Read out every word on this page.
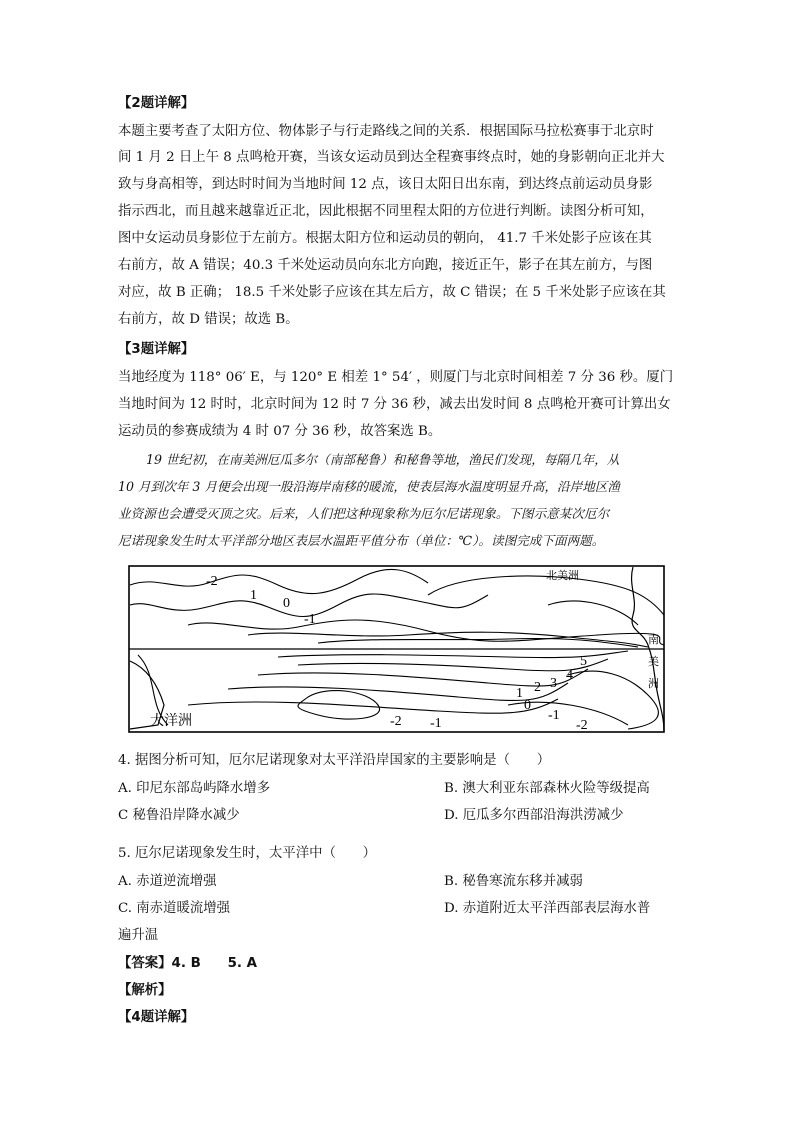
【2题详解】
本题主要考查了太阳方位、物体影子与行走路线之间的关系．根据国际马拉松赛事于北京时
间 1 月 2 日上午 8 点鸣枪开赛，当该女运动员到达全程赛事终点时，她的身影朝向正北并大
致与身高相等，到达时时间为当地时间 12 点，该日太阳日出东南，到达终点前运动员身影
指示西北，而且越来越靠近正北，因此根据不同里程太阳的方位进行判断。读图分析可知，
图中女运动员身影位于左前方。根据太阳方位和运动员的朝向， 41.7 千米处影子应该在其
右前方，故 A 错误；40.3 千米处运动员向东北方向跑，接近正午，影子在其左前方，与图
对应，故 B 正确； 18.5 千米处影子应该在其左后方，故 C 错误；在 5 千米处影子应该在其
右前方，故 D 错误；故选 B。
【3题详解】
当地经度为 118° 06′ E，与 120° E 相差 1° 54′ ，则厦门与北京时间相差 7 分 36 秒。厦门
当地时间为 12 时时，北京时间为 12 时 7 分 36 秒，减去出发时间 8 点鸣枪开赛可计算出女
运动员的参赛成绩为 4 时 07 分 36 秒，故答案选 B。
19 世纪初，在南美洲厄瓜多尔（南部秘鲁）和秘鲁等地，渔民们发现，每隔几年，从
10 月到次年 3 月便会出现一股沿海岸南移的暖流，使表层海水温度明显升高，沿岸地区渔
业资源也会遭受灭顶之灾。后来，人们把这种现象称为厄尔尼诺现象。下图示意某次厄尔
尼诺现象发生时太平洋部分地区表层水温距平值分布（单位：℃）。读图完成下面两题。
-2
1
0
-1
5
4
3
2
1
0
-2 -1
-1
-2
北美洲
南
美
洲
大洋洲
4. 据图分析可知，厄尔尼诺现象对太平洋沿岸国家的主要影响是（　　）
A. 印尼东部岛屿降水增多	B. 澳大利亚东部森林火险等级提高
C 秘鲁沿岸降水减少	D. 厄瓜多尔西部沿海洪涝减少
5. 厄尔尼诺现象发生时，太平洋中（　　）
A. 赤道逆流增强	B. 秘鲁寒流东移并减弱
C. 南赤道暖流增强	D. 赤道附近太平洋西部表层海水普
遍升温
【答案】4. B　　5. A
【解析】
【4题详解】
